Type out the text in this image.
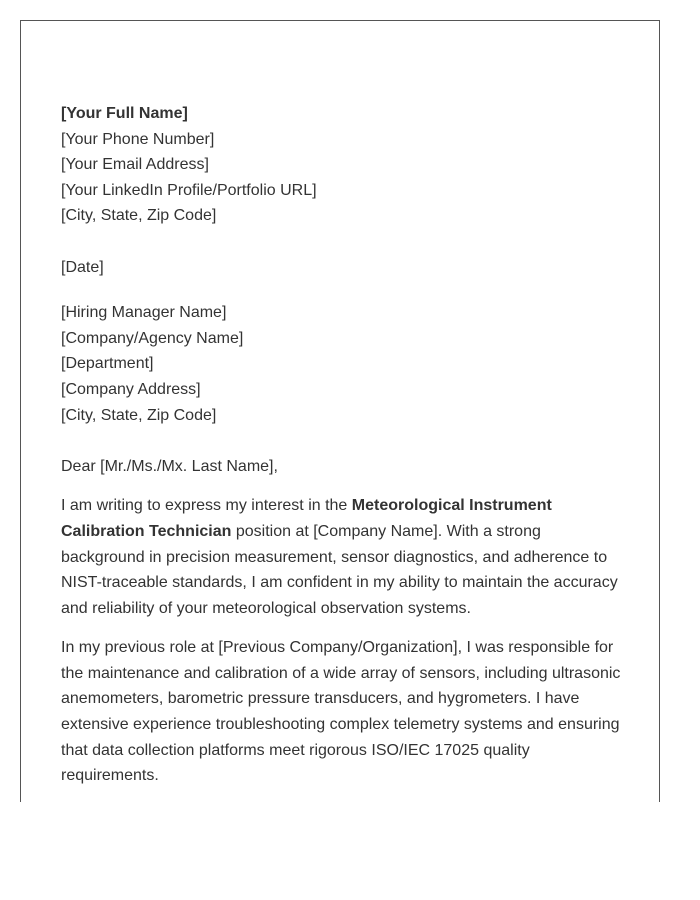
[Your Full Name]
[Your Phone Number]
[Your Email Address]
[Your LinkedIn Profile/Portfolio URL]
[City, State, Zip Code]
[Date]
[Hiring Manager Name]
[Company/Agency Name]
[Department]
[Company Address]
[City, State, Zip Code]
Dear [Mr./Ms./Mx. Last Name],

I am writing to express my interest in the Meteorological Instrument Calibration Technician position at [Company Name]. With a strong background in precision measurement, sensor diagnostics, and adherence to NIST-traceable standards, I am confident in my ability to maintain the accuracy and reliability of your meteorological observation systems.

In my previous role at [Previous Company/Organization], I was responsible for the maintenance and calibration of a wide array of sensors, including ultrasonic anemometers, barometric pressure transducers, and hygrometers. I have extensive experience troubleshooting complex telemetry systems and ensuring that data collection platforms meet rigorous ISO/IEC 17025 quality requirements.
